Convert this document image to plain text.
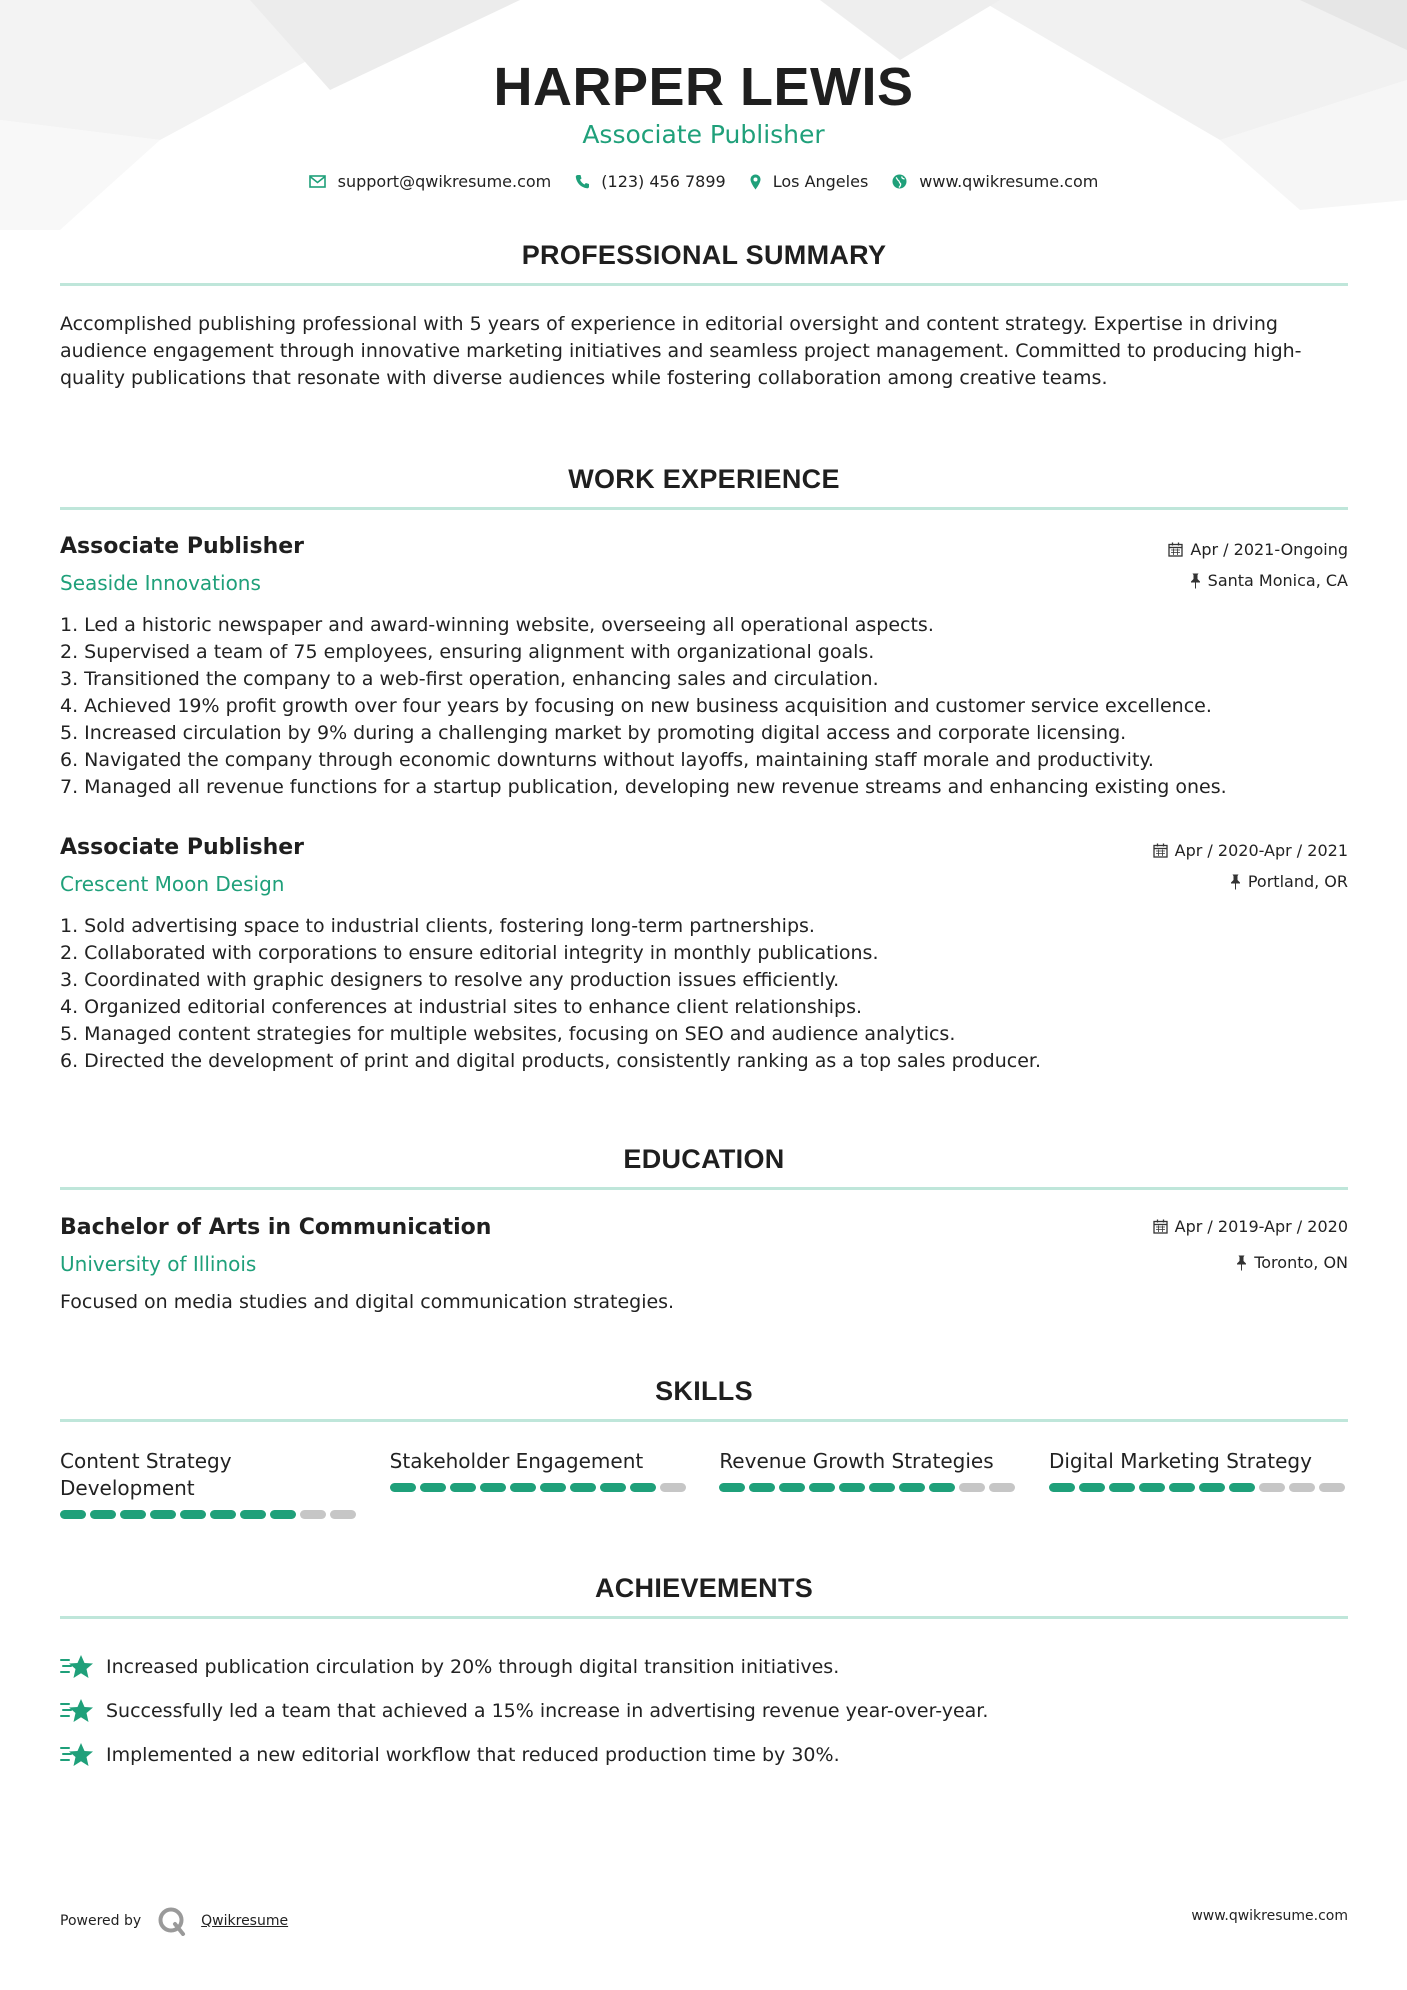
HARPER LEWIS
Associate Publisher
support@qwikresume.com	(123) 456 7899	Los Angeles	www.qwikresume.com
PROFESSIONAL SUMMARY

Accomplished publishing professional with 5 years of experience in editorial oversight and content strategy. Expertise in driving audience engagement through innovative marketing initiatives and seamless project management. Committed to producing high-quality publications that resonate with diverse audiences while fostering collaboration among creative teams.

WORK EXPERIENCE
Associate Publisher
Seaside Innovations
Apr / 2021-Ongoing
Santa Monica, CA
1. Led a historic newspaper and award-winning website, overseeing all operational aspects.
2. Supervised a team of 75 employees, ensuring alignment with organizational goals.
3. Transitioned the company to a web-first operation, enhancing sales and circulation.
4. Achieved 19% profit growth over four years by focusing on new business acquisition and customer service excellence.
5. Increased circulation by 9% during a challenging market by promoting digital access and corporate licensing.
6. Navigated the company through economic downturns without layoffs, maintaining staff morale and productivity.
7. Managed all revenue functions for a startup publication, developing new revenue streams and enhancing existing ones.
Associate Publisher
Crescent Moon Design
Apr / 2020-Apr / 2021
Portland, OR
1. Sold advertising space to industrial clients, fostering long-term partnerships.
2. Collaborated with corporations to ensure editorial integrity in monthly publications.
3. Coordinated with graphic designers to resolve any production issues efficiently.
4. Organized editorial conferences at industrial sites to enhance client relationships.
5. Managed content strategies for multiple websites, focusing on SEO and audience analytics.
6. Directed the development of print and digital products, consistently ranking as a top sales producer.
EDUCATION
Bachelor of Arts in Communication
University of Illinois
Apr / 2019-Apr / 2020
Toronto, ON

Focused on media studies and digital communication strategies.

SKILLS
Content Strategy Development
Stakeholder Engagement	Revenue Growth Strategies	Digital Marketing Strategy
ACHIEVEMENTS
Increased publication circulation by 20% through digital transition initiatives.
Successfully led a team that achieved a 15% increase in advertising revenue year-over-year.
Implemented a new editorial workflow that reduced production time by 30%.
Powered by	Qwikresume	www.qwikresume.com
